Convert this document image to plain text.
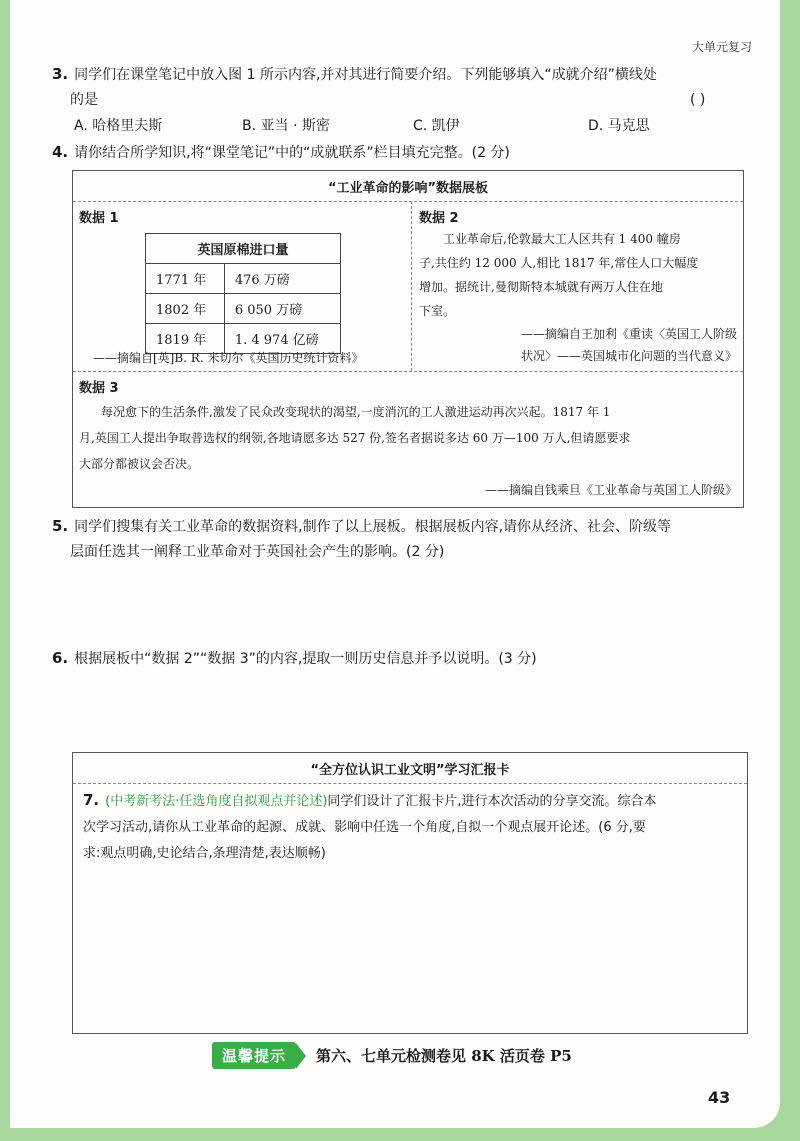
大单元复习
3. 同学们在课堂笔记中放入图 1 所示内容,并对其进行简要介绍。下列能够填入“成就介绍”横线处
的是	( )
A. 哈格里夫斯	B. 亚当 · 斯密	C. 凯伊	D. 马克思
4. 请你结合所学知识,将“课堂笔记”中的“成就联系”栏目填充完整。(2 分)
“工业革命的影响”数据展板
数据 1
英国原棉进口量	
1771 年	476 万磅
1802 年	6 050 万磅
1819 年	1. 4 974 亿磅
——摘编自[英]B. R. 米切尔《英国历史统计资料》
数据 2
工业革命后,伦敦最大工人区共有 1 400 幢房
子,共住约 12 000 人,相比 1817 年,常住人口大幅度
增加。据统计,曼彻斯特本城就有两万人住在地
下室。
——摘编自王加利《重读〈英国工人阶级
状况〉——英国城市化问题的当代意义》
数据 3
每况愈下的生活条件,激发了民众改变现状的渴望,一度消沉的工人激进运动再次兴起。1817 年 1
月,英国工人提出争取普选权的纲领,各地请愿多达 527 份,签名者据说多达 60 万—100 万人,但请愿要求
大部分都被议会否决。
——摘编自钱乘旦《工业革命与英国工人阶级》
5. 同学们搜集有关工业革命的数据资料,制作了以上展板。根据展板内容,请你从经济、社会、阶级等
层面任选其一阐释工业革命对于英国社会产生的影响。(2 分)
6. 根据展板中“数据 2”“数据 3”的内容,提取一则历史信息并予以说明。(3 分)
“全方位认识工业文明”学习汇报卡
7. (中考新考法·任选角度自拟观点并论述)同学们设计了汇报卡片,进行本次活动的分享交流。综合本
次学习活动,请你从工业革命的起源、成就、影响中任选一个角度,自拟一个观点展开论述。(6 分,要
求:观点明确,史论结合,条理清楚,表达顺畅)
温馨提示	第六、七单元检测卷见 8K 活页卷 P5
43
